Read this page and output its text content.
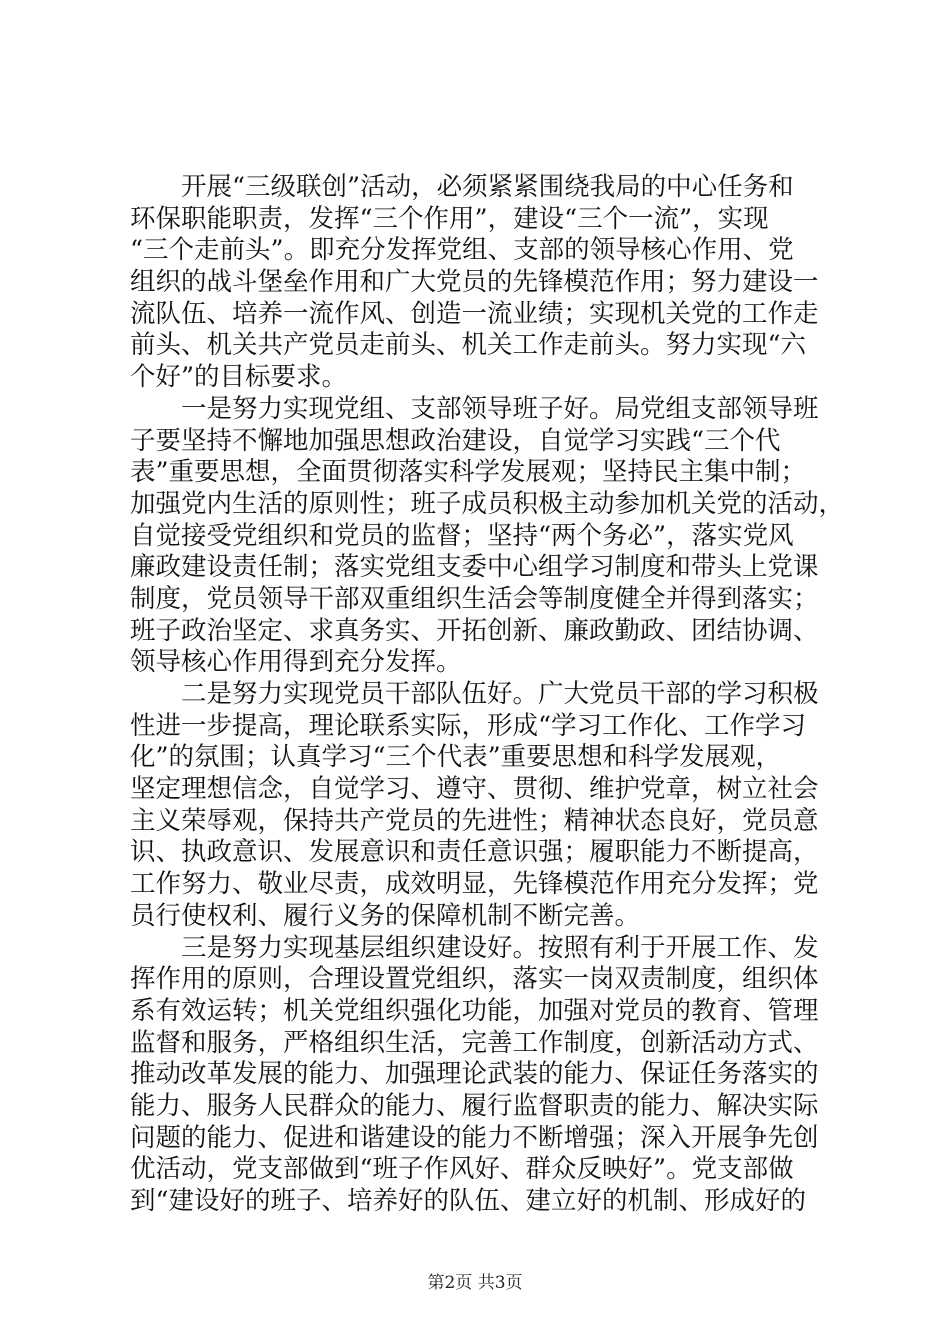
　　开展“三级联创”活动，必须紧紧围绕我局的中心任务和
环保职能职责，发挥“三个作用”，建设“三个一流”，实现
“三个走前头”。即充分发挥党组、支部的领导核心作用、党
组织的战斗堡垒作用和广大党员的先锋模范作用；努力建设一
流队伍、培养一流作风、创造一流业绩；实现机关党的工作走
前头、机关共产党员走前头、机关工作走前头。努力实现“六
个好”的目标要求。
　　一是努力实现党组、支部领导班子好。局党组支部领导班
子要坚持不懈地加强思想政治建设，自觉学习实践“三个代
表”重要思想，全面贯彻落实科学发展观；坚持民主集中制；
加强党内生活的原则性；班子成员积极主动参加机关党的活动，
自觉接受党组织和党员的监督；坚持“两个务必”，落实党风
廉政建设责任制；落实党组支委中心组学习制度和带头上党课
制度，党员领导干部双重组织生活会等制度健全并得到落实；
班子政治坚定、求真务实、开拓创新、廉政勤政、团结协调、
领导核心作用得到充分发挥。
　　二是努力实现党员干部队伍好。广大党员干部的学习积极
性进一步提高，理论联系实际，形成“学习工作化、工作学习
化”的氛围；认真学习“三个代表”重要思想和科学发展观，
坚定理想信念，自觉学习、遵守、贯彻、维护党章，树立社会
主义荣辱观，保持共产党员的先进性；精神状态良好，党员意
识、执政意识、发展意识和责任意识强；履职能力不断提高，
工作努力、敬业尽责，成效明显，先锋模范作用充分发挥；党
员行使权利、履行义务的保障机制不断完善。
　　三是努力实现基层组织建设好。按照有利于开展工作、发
挥作用的原则，合理设置党组织，落实一岗双责制度，组织体
系有效运转；机关党组织强化功能，加强对党员的教育、管理
监督和服务，严格组织生活，完善工作制度，创新活动方式、
推动改革发展的能力、加强理论武装的能力、保证任务落实的
能力、服务人民群众的能力、履行监督职责的能力、解决实际
问题的能力、促进和谐建设的能力不断增强；深入开展争先创
优活动，党支部做到“班子作风好、群众反映好”。党支部做
到“建设好的班子、培养好的队伍、建立好的机制、形成好的
第2页 共3页
